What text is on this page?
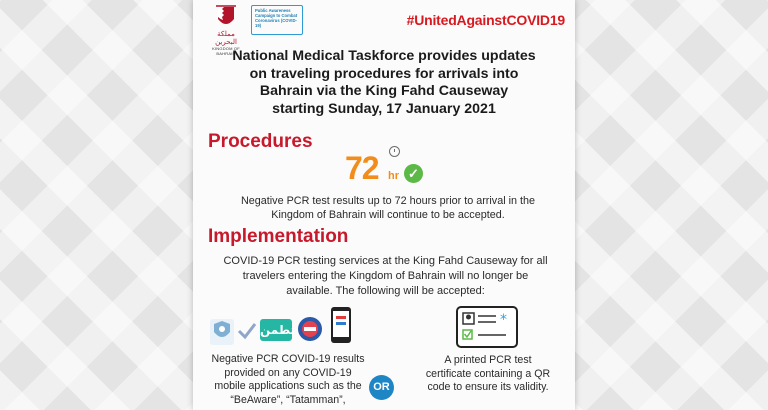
مملكة البحرين
KINGDOM OF BAHRAIN
Public Awareness Campaign to Combat Coronavirus (COVID-19)	#UnitedAgainstCOVID19
National Medical Taskforce provides updates
on traveling procedures for arrivals into
Bahrain via the King Fahd Causeway
starting Sunday, 17 January 2021
Procedures
72 hr ✓
Negative PCR test results up to 72 hours prior to arrival in the
Kingdom of Bahrain will continue to be accepted.
Implementation
COVID-19 PCR testing services at the King Fahd Causeway for all
travelers entering the Kingdom of Bahrain will no longer be
available. The following will be accepted:
تطمن
Negative PCR COVID-19 results
provided on any COVID-19
mobile applications such as the
“BeAware”, “Tatamman”,
OR
*
A printed PCR test
certificate containing a QR
code to ensure its validity.
